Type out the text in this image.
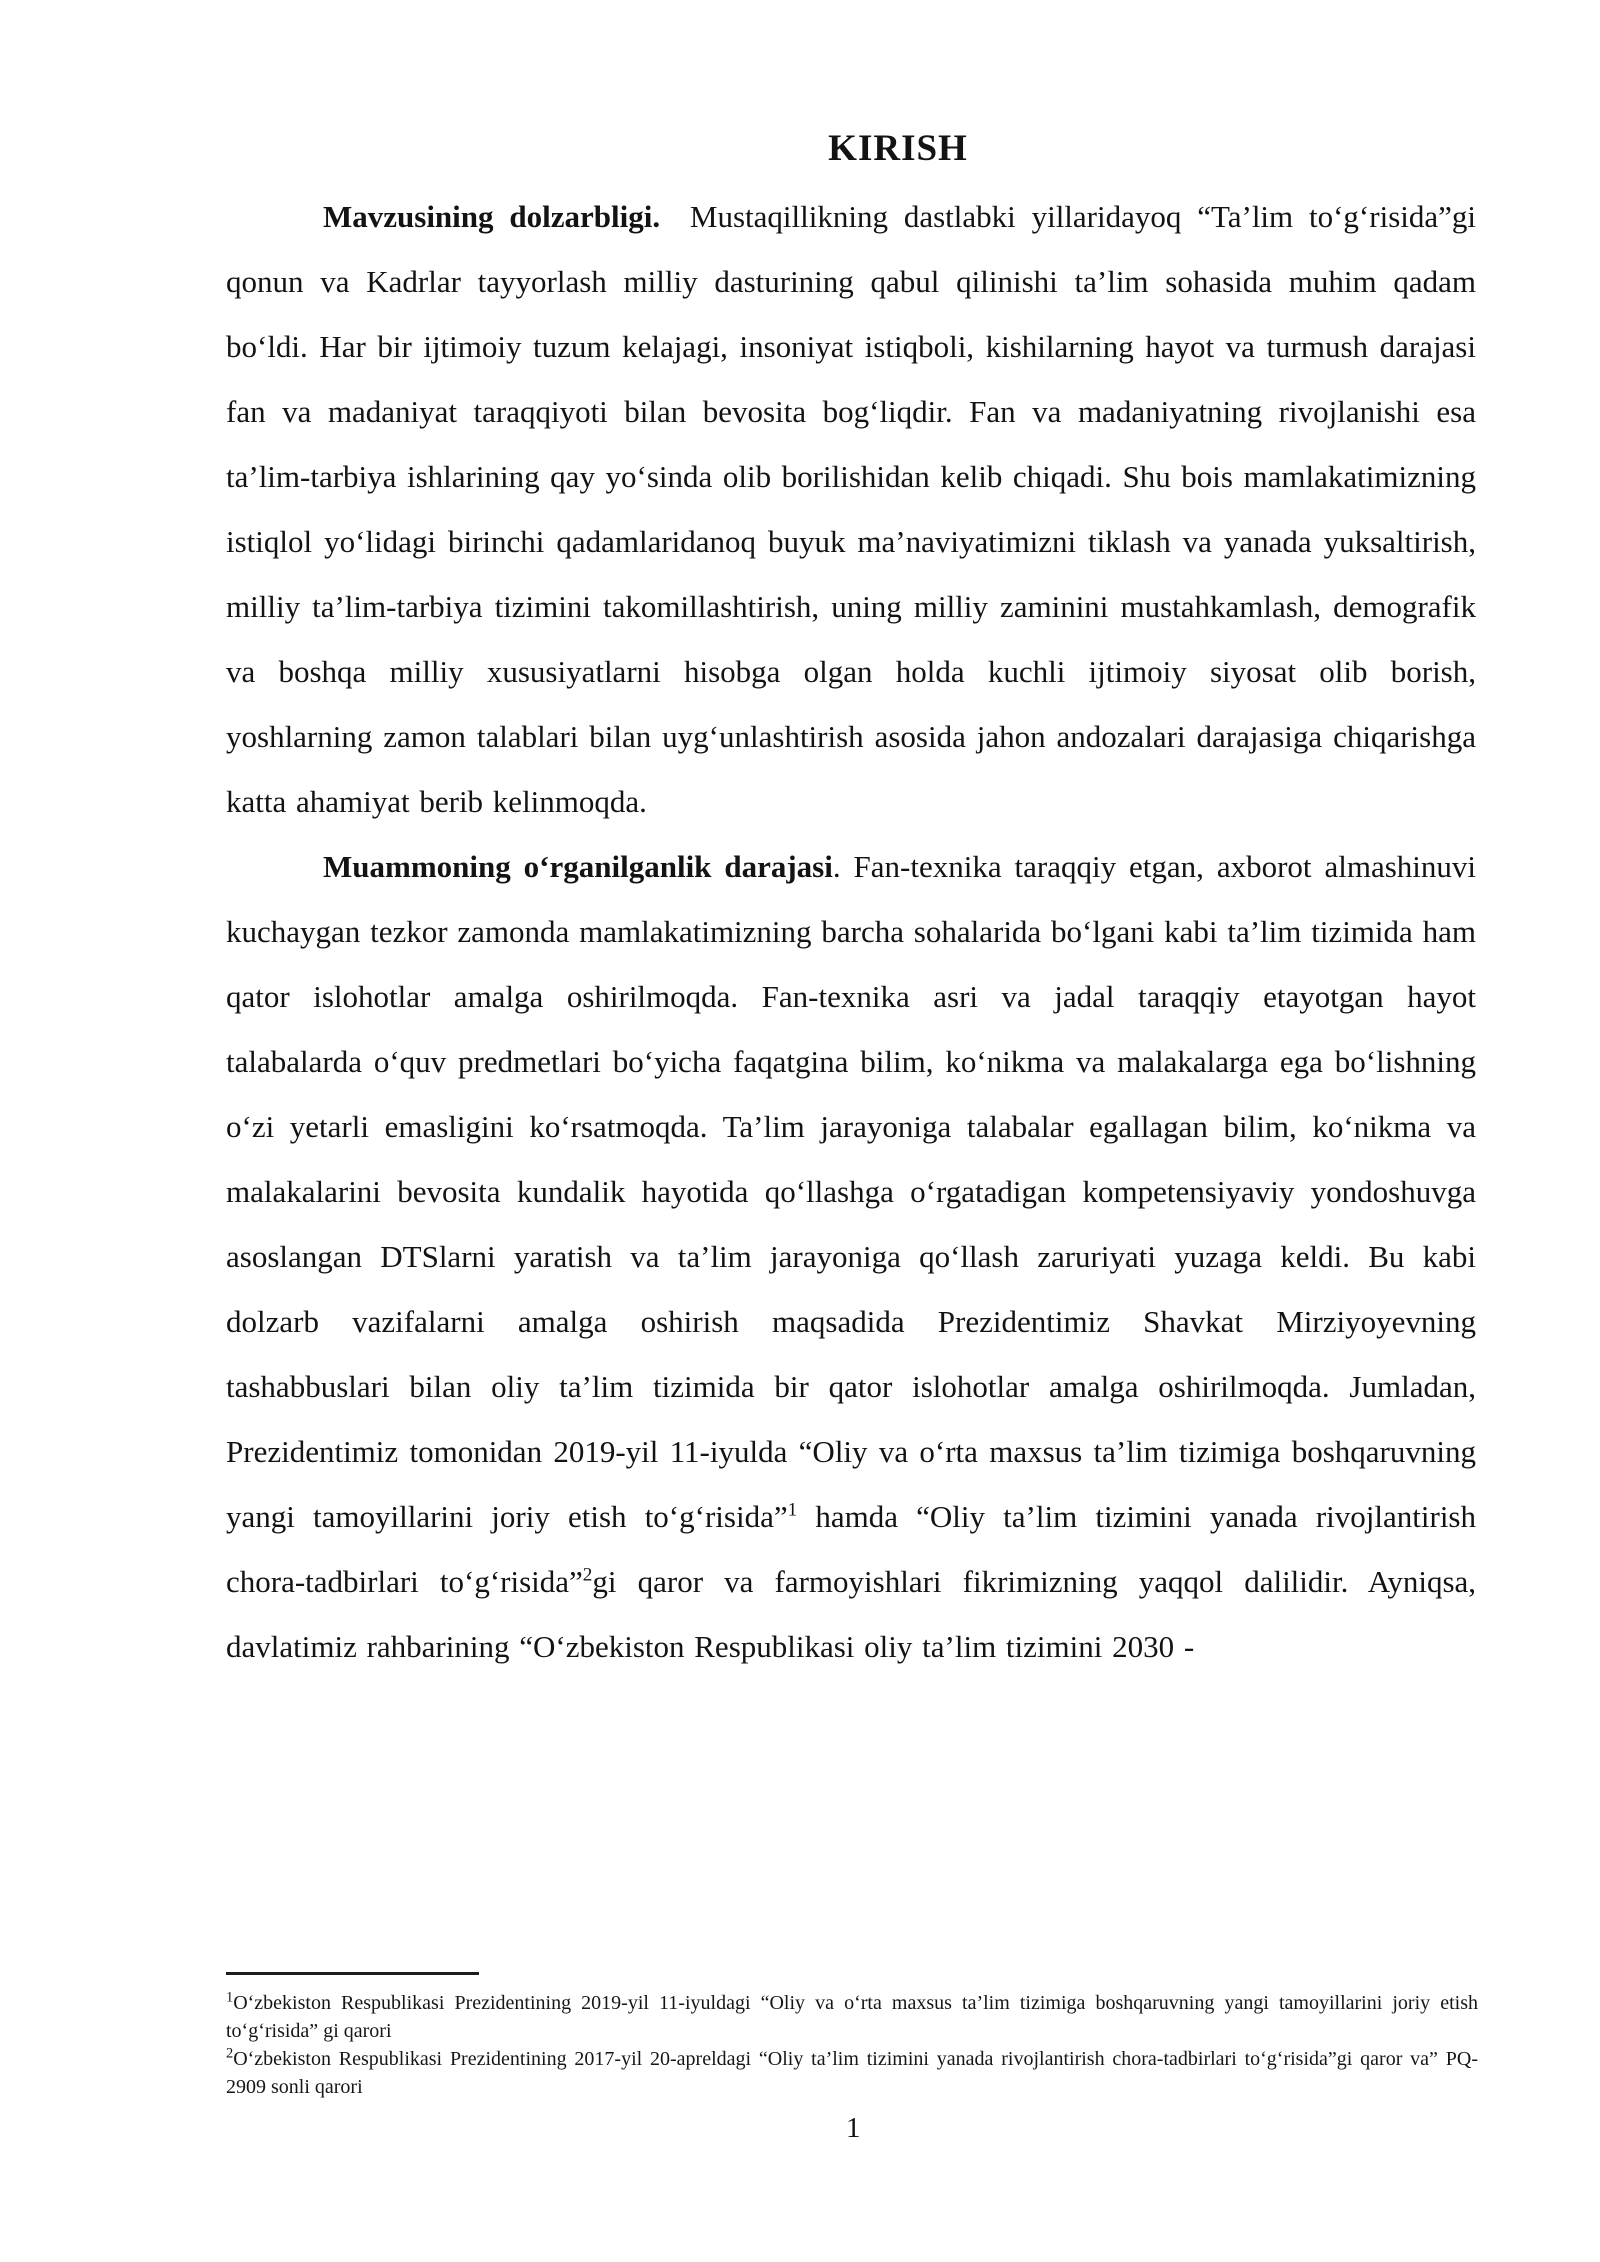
KIRISH

Mavzusining dolzarbligi. Mustaqillikning dastlabki yillaridayoq “Ta’lim to‘g‘risida”gi qonun va Kadrlar tayyorlash milliy dasturining qabul qilinishi ta’lim sohasida muhim qadam bo‘ldi. Har bir ijtimoiy tuzum kelajagi, insoniyat istiqboli, kishilarning hayot va turmush darajasi fan va madaniyat taraqqiyoti bilan bevosita bog‘liqdir. Fan va madaniyatning rivojlanishi esa ta’lim-tarbiya ishlarining qay yo‘sinda olib borilishidan kelib chiqadi. Shu bois mamlakatimizning istiqlol yo‘lidagi birinchi qadamlaridanoq buyuk ma’naviyatimizni tiklash va yanada yuksaltirish, milliy ta’lim-tarbiya tizimini takomillashtirish, uning milliy zaminini mustahkamlash, demografik va boshqa milliy xususiyatlarni hisobga olgan holda kuchli ijtimoiy siyosat olib borish, yoshlarning zamon talablari bilan uyg‘unlashtirish asosida jahon andozalari darajasiga chiqarishga katta ahamiyat berib kelinmoqda.

Muammoning o‘rganilganlik darajasi. Fan-texnika taraqqiy etgan, axborot almashinuvi kuchaygan tezkor zamonda mamlakatimizning barcha sohalarida bo‘lgani kabi ta’lim tizimida ham qator islohotlar amalga oshirilmoqda. Fan-texnika asri va jadal taraqqiy etayotgan hayot talabalarda o‘quv predmetlari bo‘yicha faqatgina bilim, ko‘nikma va malakalarga ega bo‘lishning o‘zi yetarli emasligini ko‘rsatmoqda. Ta’lim jarayoniga talabalar egallagan bilim, ko‘nikma va malakalarini bevosita kundalik hayotida qo‘llashga o‘rgatadigan kompetensiyaviy yondoshuvga asoslangan DTSlarni yaratish va ta’lim jarayoniga qo‘llash zaruriyati yuzaga keldi. Bu kabi dolzarb vazifalarni amalga oshirish maqsadida Prezidentimiz Shavkat Mirziyoyevning tashabbuslari bilan oliy ta’lim tizimida bir qator islohotlar amalga oshirilmoqda. Jumladan, Prezidentimiz tomonidan 2019-yil 11-iyulda “Oliy va o‘rta maxsus ta’lim tizimiga boshqaruvning yangi tamoyillarini joriy etish to‘g‘risida”$^1$ hamda “Oliy ta’lim tizimini yanada rivojlantirish chora-tadbirlari to‘g‘risida”$^2$gi qaror va farmoyishlari fikrimizning yaqqol dalilidir. Ayniqsa, davlatimiz rahbarining “O‘zbekiston Respublikasi oliy ta’lim tizimini 2030 -

$^1$O‘zbekiston Respublikasi Prezidentining 2019-yil 11-iyuldagi “Oliy va o‘rta maxsus ta’lim tizimiga boshqaruvning yangi tamoyillarini joriy etish to‘g‘risida” gi qarori
$^2$O‘zbekiston Respublikasi Prezidentining 2017-yil 20-apreldagi “Oliy ta’lim tizimini yanada rivojlantirish chora-tadbirlari to‘g‘risida”gi qaror va” PQ-2909 sonli qarori
1
